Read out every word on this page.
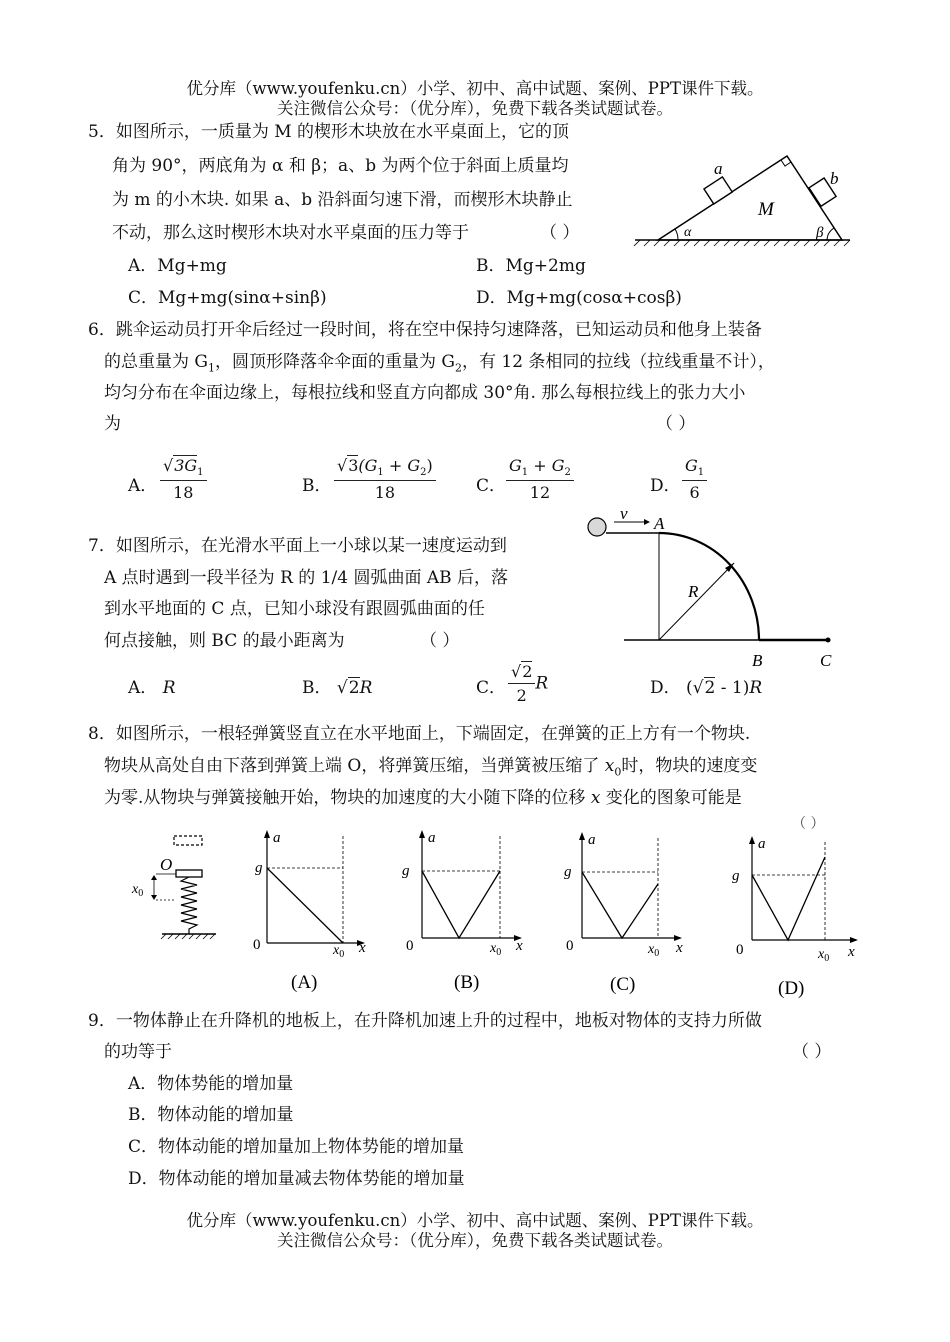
优分库（www.youfenku.cn）小学、初中、高中试题、案例、PPT课件下载。
关注微信公众号：（优分库），免费下载各类试题试卷。
5．如图所示，一质量为 M 的楔形木块放在水平桌面上，它的顶
角为 90°，两底角为 α 和 β；a、b 为两个位于斜面上质量均
为 m 的小木块. 如果 a、b 沿斜面匀速下滑，而楔形木块静止
不动，那么这时楔形木块对水平桌面的压力等于	（ ）
A．Mg+mg	B．Mg+2mg
C．Mg+mg(sinα+sinβ)	D．Mg+mg(cosα+cosβ)
a
b
M
α	β
6．跳伞运动员打开伞后经过一段时间，将在空中保持匀速降落，已知运动员和他身上装备
的总重量为 $G_1$，圆顶形降落伞伞面的重量为 $G_2$，有 12 条相同的拉线（拉线重量不计），
均匀分布在伞面边缘上，每根拉线和竖直方向都成 30°角. 那么每根拉线上的张力大小
为	（ ）
A． $\frac{√3G_1}{18}$	B． $\frac{√3(G_1 + G_2)}{18}$ C． $\frac{G_1 + G_2}{12}$	D． $\frac{G_1}{6}$
7．如图所示，在光滑水平面上一小球以某一速度运动到
A 点时遇到一段半径为 R 的 1/4 圆弧曲面 AB 后，落
到水平地面的 C 点，已知小球没有跟圆弧曲面的任
何点接触，则 BC 的最小距离为	（ ）
A． R	B． √2R	C． $\frac{√2}{2}$ R	D． (√2 - 1)R
v
A
R
B	C
8．如图所示，一根轻弹簧竖直立在水平地面上，下端固定，在弹簧的正上方有一个物块.
物块从高处自由下落到弹簧上端 O，将弹簧压缩，当弹簧被压缩了 $x_0$时，物块的速度变
为零.从物块与弹簧接触开始，物块的加速度的大小随下降的位移 x 变化的图象可能是
（ ）
O
$x_0$
g
a
0	$x_0$ x
(A)
g
a
0	$x_0$ x
(B)
g
a
0	$x_0$ x
(C)
g
a
0	$x_0$ x
(D)
9．一物体静止在升降机的地板上，在升降机加速上升的过程中，地板对物体的支持力所做
的功等于	（ ）
A．物体势能的增加量
B．物体动能的增加量
C．物体动能的增加量加上物体势能的增加量
D．物体动能的增加量减去物体势能的增加量
优分库（www.youfenku.cn）小学、初中、高中试题、案例、PPT课件下载。
关注微信公众号：（优分库），免费下载各类试题试卷。
